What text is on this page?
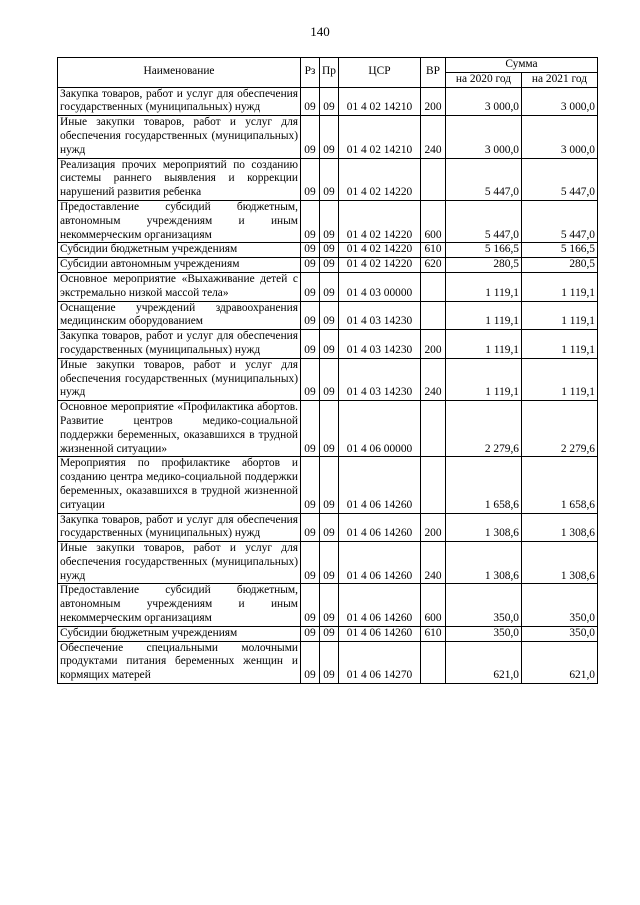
140
Наименование	Рз	Пр	ЦСР	ВР	Сумма	
					на 2020 год	на 2021 год
Закупка товаров, работ и услуг для обеспечения государственных (муниципальных) нужд	09	09	01 4 02 14210	200	3 000,0	3 000,0
Иные закупки товаров, работ и услуг для обеспечения государственных (муниципальных) нужд	09	09	01 4 02 14210	240	3 000,0	3 000,0
Реализация прочих мероприятий по созданию системы раннего выявления и коррекции нарушений развития ребенка	09	09	01 4 02 14220		5 447,0	5 447,0
Предоставление субсидий бюджетным, автономным учреждениям и иным некоммерческим организациям	09	09	01 4 02 14220	600	5 447,0	5 447,0
Субсидии бюджетным учреждениям	09	09	01 4 02 14220	610	5 166,5	5 166,5
Субсидии автономным учреждениям	09	09	01 4 02 14220	620	280,5	280,5
Основное мероприятие «Выхаживание детей с экстремально низкой массой тела»	09	09	01 4 03 00000		1 119,1	1 119,1
Оснащение учреждений здравоохранения медицинским оборудованием	09	09	01 4 03 14230		1 119,1	1 119,1
Закупка товаров, работ и услуг для обеспечения государственных (муниципальных) нужд	09	09	01 4 03 14230	200	1 119,1	1 119,1
Иные закупки товаров, работ и услуг для обеспечения государственных (муниципальных) нужд	09	09	01 4 03 14230	240	1 119,1	1 119,1
Основное мероприятие «Профилактика абортов. Развитие центров медико-социальной поддержки беременных, оказавшихся в трудной жизненной ситуации»	09	09	01 4 06 00000		2 279,6	2 279,6
Мероприятия по профилактике абортов и созданию центра медико-социальной поддержки беременных, оказавшихся в трудной жизненной ситуации	09	09	01 4 06 14260		1 658,6	1 658,6
Закупка товаров, работ и услуг для обеспечения государственных (муниципальных) нужд	09	09	01 4 06 14260	200	1 308,6	1 308,6
Иные закупки товаров, работ и услуг для обеспечения государственных (муниципальных) нужд	09	09	01 4 06 14260	240	1 308,6	1 308,6
Предоставление субсидий бюджетным, автономным учреждениям и иным некоммерческим организациям	09	09	01 4 06 14260	600	350,0	350,0
Субсидии бюджетным учреждениям	09	09	01 4 06 14260	610	350,0	350,0
Обеспечение специальными молочными продуктами питания беременных женщин и кормящих матерей	09	09	01 4 06 14270		621,0	621,0
